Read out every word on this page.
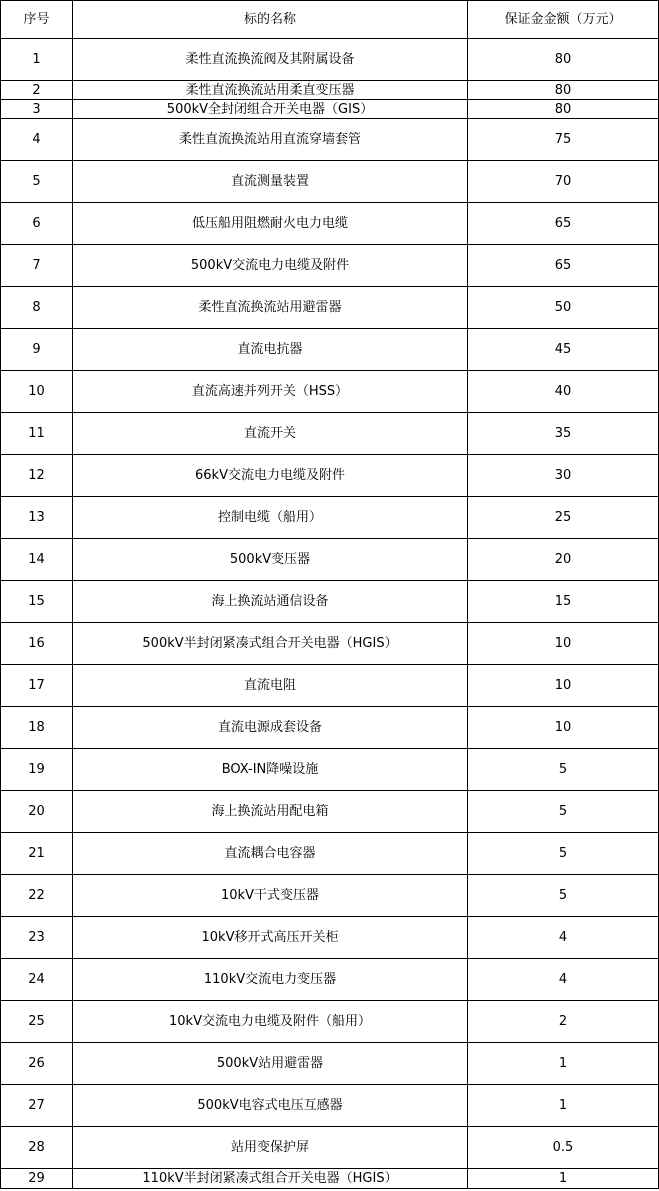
序号	标的名称	保证金金额（万元）
1	柔性直流换流阀及其附属设备	80
2	柔性直流换流站用柔直变压器	80
3	500kV全封闭组合开关电器（GIS）	80
4	柔性直流换流站用直流穿墙套管	75
5	直流测量装置	70
6	低压船用阻燃耐火电力电缆	65
7	500kV交流电力电缆及附件	65
8	柔性直流换流站用避雷器	50
9	直流电抗器	45
10	直流高速并列开关（HSS）	40
11	直流开关	35
12	66kV交流电力电缆及附件	30
13	控制电缆（船用）	25
14	500kV变压器	20
15	海上换流站通信设备	15
16	500kV半封闭紧凑式组合开关电器（HGIS）	10
17	直流电阻	10
18	直流电源成套设备	10
19	BOX-IN降噪设施	5
20	海上换流站用配电箱	5
21	直流耦合电容器	5
22	10kV干式变压器	5
23	10kV移开式高压开关柜	4
24	110kV交流电力变压器	4
25	10kV交流电力电缆及附件（船用）	2
26	500kV站用避雷器	1
27	500kV电容式电压互感器	1
28	站用变保护屏	0.5
29	110kV半封闭紧凑式组合开关电器（HGIS）	1
